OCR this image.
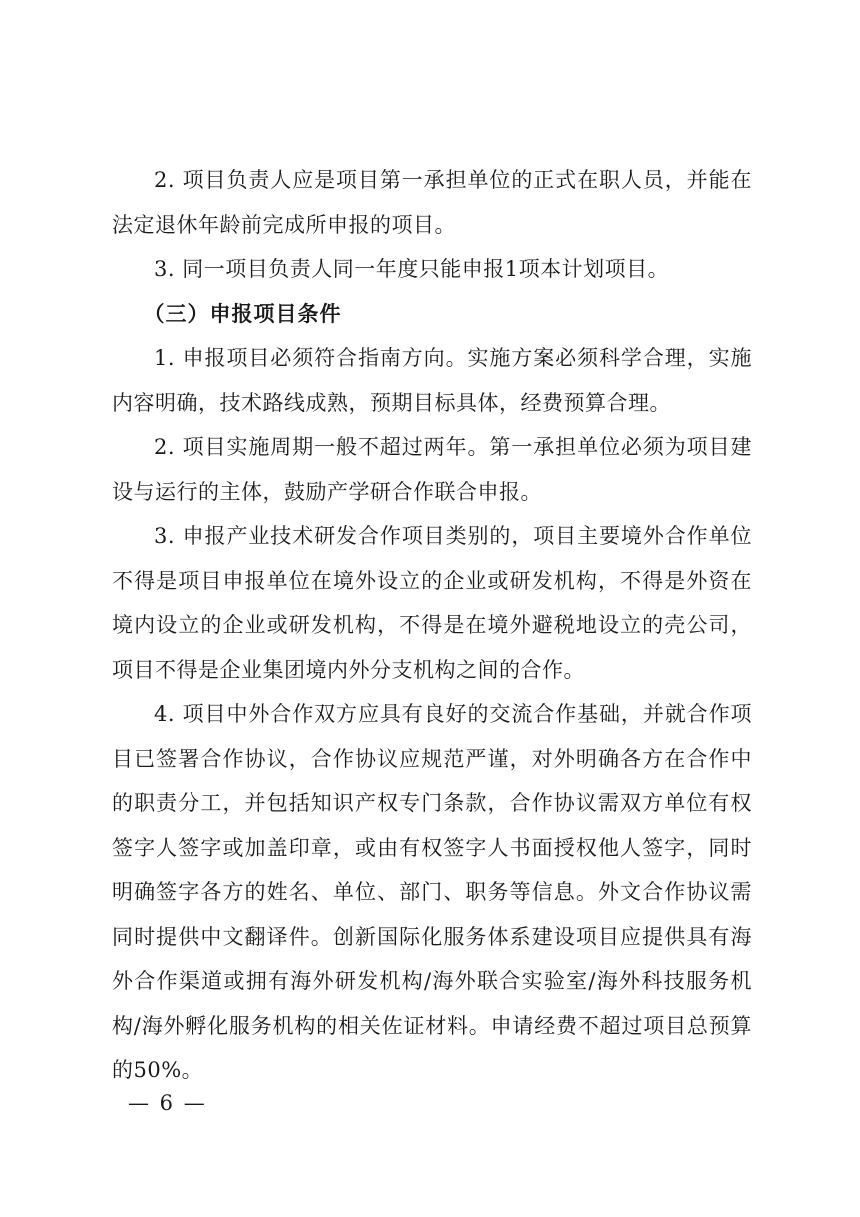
2. 项目负责人应是项目第一承担单位的正式在职人员，并能在法定退休年龄前完成所申报的项目。

3. 同一项目负责人同一年度只能申报1项本计划项目。

（三）申报项目条件

1. 申报项目必须符合指南方向。实施方案必须科学合理，实施内容明确，技术路线成熟，预期目标具体，经费预算合理。

2. 项目实施周期一般不超过两年。第一承担单位必须为项目建设与运行的主体，鼓励产学研合作联合申报。

3. 申报产业技术研发合作项目类别的，项目主要境外合作单位不得是项目申报单位在境外设立的企业或研发机构，不得是外资在境内设立的企业或研发机构，不得是在境外避税地设立的壳公司，项目不得是企业集团境内外分支机构之间的合作。

4. 项目中外合作双方应具有良好的交流合作基础，并就合作项目已签署合作协议，合作协议应规范严谨，对外明确各方在合作中的职责分工，并包括知识产权专门条款，合作协议需双方单位有权签字人签字或加盖印章，或由有权签字人书面授权他人签字，同时明确签字各方的姓名、单位、部门、职务等信息。外文合作协议需同时提供中文翻译件。创新国际化服务体系建设项目应提供具有海外合作渠道或拥有海外研发机构/海外联合实验室/海外科技服务机构/海外孵化服务机构的相关佐证材料。申请经费不超过项目总预算的50%。

— 6 —
